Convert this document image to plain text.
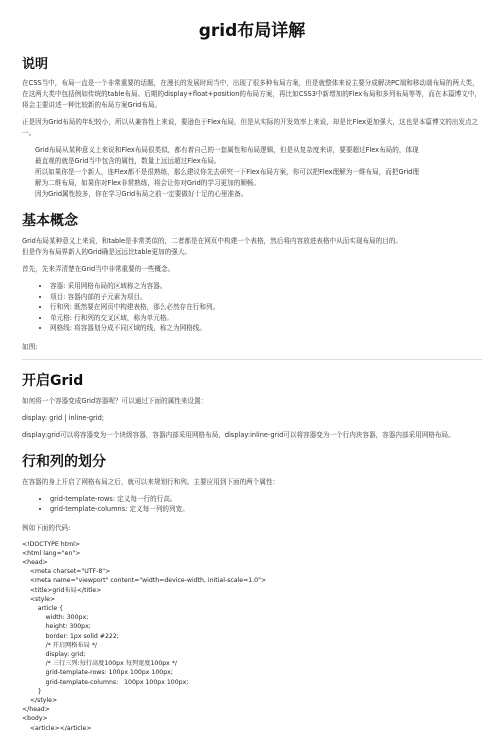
grid布局详解
说明

在CSS当中，布局一直是一个非常重要的话题，在漫长的发展时间当中，出现了很多种布局方案，但是就整体来说主要分成解决PC端和移动端布局的两大类，在这两大类中包括例如传统的table布局、后期的display+float+position的布局方案，再比如CSS3中新增加的Flex布局和多列布局等等，而在本篇博文中，将会主要讲述一种比较新的布局方案Grid布局。

正是因为Grid布局的年纪较小，所以从兼容性上来说，要逊色于Flex布局，但是从实际的开发效率上来说，却是比Flex更加强大，这也是本篇博文的出发点之一。

Grid布局从某种意义上来说和Flex布局很类似，都有着自己的一套属性和布局逻辑，但是从复杂度来讲，要要超过Flex布局的，体现

最直观的就是Grid当中包含的属性，数量上远远超过Flex布局。

所以如果你是一个新人，连Flex都不是很熟练，那么建议你先去研究一下Flex布局方案，你可以把Flex理解为一维布局，而把Grid理

解为二维布局，如果你对Flex非常熟练，将会让你对Grid的学习更加的顺畅。

因为Grid属性较多，你在学习Grid布局之前一定要做好十足的心里准备。

基本概念

Grid布局某种意义上来说，和table是非常类似的，二者都是在网页中构建一个表格，然后将内容放进表格中从而实现布局的目的。

但是作为布局界新人的Grid确是远远比table更加的强大。

首先，先来弄清楚在Grid当中非常重要的一些概念。

• 容器: 采用网格布局的区域称之为容器。
• 项目: 容器内部的子元素为项目。
• 行和列: 既然要在网页中构建表格，那么必然存在行和列。
• 单元格: 行和列的交叉区域，称为单元格。
• 网格线: 将容器划分成不同区域的线，称之为网格线。

如图:

开启Grid

如何将一个容器变成Grid容器呢？可以通过下面的属性来设置：

display: grid | inline-grid;

display:grid可以将容器变为一个块级容器，容器内部采用网格布局，display:inline-grid可以将容器变为一个行内块容器，容器内部采用网格布局。

行和列的划分

在容器的身上开启了网格布局之后，就可以来规划行和列。主要应用到下面的两个属性：

• grid-template-rows: 定义每一行的行高。
• grid-template-columns: 定义每一列的列宽。

例如下面的代码:

<!DOCTYPE html>
<html lang="en">
<head>
<meta charset="UTF-8">
<meta name="viewport" content="width=device-width, initial-scale=1.0">
<title>grid布局</title>
<style>
article {
width: 300px;
height: 300px;
border: 1px solid #222;
/* 开启网格布局 */
display: grid;
/* 三行三列:每行高度100px 每列宽度100px */
grid-template-rows: 100px 100px 100px;
grid-template-columns:   100px 100px 100px;
}
</style>
</head>
<body>
<article></article>
